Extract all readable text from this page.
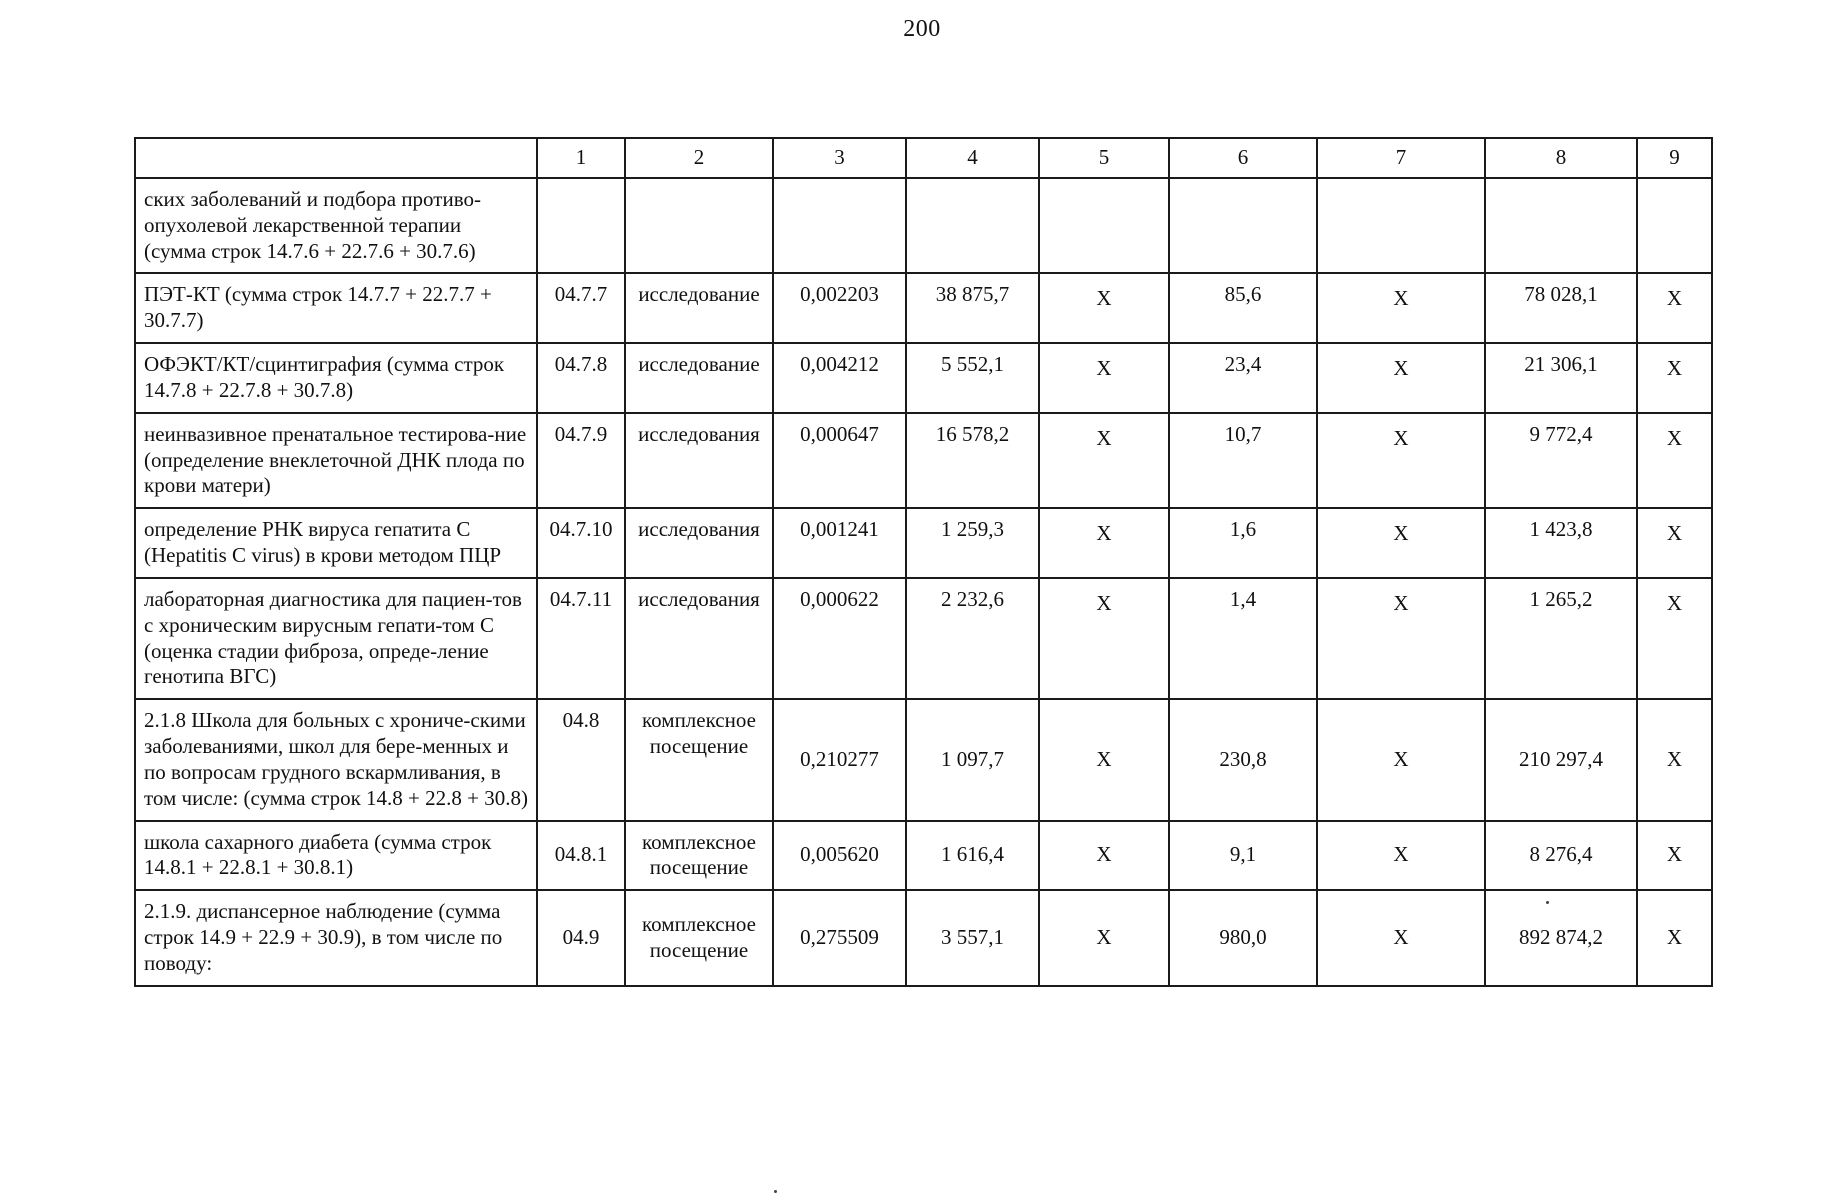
200
	1	2	3	4	5	6	7	8	9
ских заболеваний и подбора противо-опухолевой лекарственной терапии (сумма строк 14.7.6 + 22.7.6 + 30.7.6)									
ПЭТ-КТ (сумма строк 14.7.7 + 22.7.7 + 30.7.7)	04.7.7	исследование	0,002203	38 875,7	X	85,6	X	78 028,1	X
ОФЭКТ/КТ/сцинтиграфия (сумма строк 14.7.8 + 22.7.8 + 30.7.8)	04.7.8	исследование	0,004212	5 552,1	X	23,4	X	21 306,1	X
неинвазивное пренатальное тестирова-ние (определение внеклеточной ДНК плода по крови матери)	04.7.9	исследования	0,000647	16 578,2	X	10,7	X	9 772,4	X
определение РНК вируса гепатита С (Hepatitis C virus) в крови методом ПЦР	04.7.10	исследования	0,001241	1 259,3	X	1,6	X	1 423,8	X
лабораторная диагностика для пациен-тов с хроническим вирусным гепати-том С (оценка стадии фиброза, опреде-ление генотипа ВГС)	04.7.11	исследования	0,000622	2 232,6	X	1,4	X	1 265,2	X
2.1.8 Школа для больных с хрониче-скими заболеваниями, школ для бере-менных и по вопросам грудного вскармливания, в том числе: (сумма строк 14.8 + 22.8 + 30.8)	04.8	комплексное посещение	0,210277	1 097,7	X	230,8	X	210 297,4	X
школа сахарного диабета (сумма строк 14.8.1 + 22.8.1 + 30.8.1)	04.8.1	комплексное посещение	0,005620	1 616,4	X	9,1	X	8 276,4	X
2.1.9. диспансерное наблюдение (сумма строк 14.9 + 22.9 + 30.9), в том числе по поводу:	04.9	комплексное посещение	0,275509	3 557,1	X	980,0	X	892 874,2	X
